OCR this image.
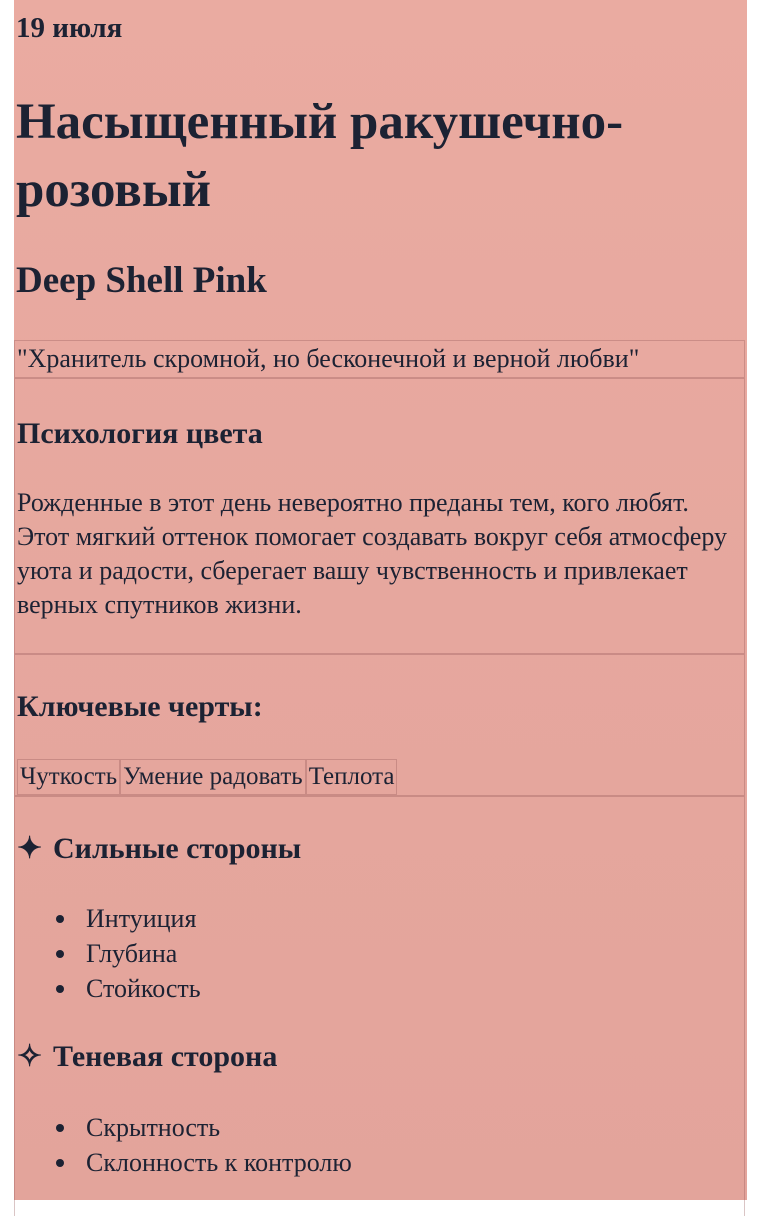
19 июля
Насыщенный ракушечно-розовый
Deep Shell Pink
"Хранитель скромной, но бесконечной и верной любви"
Психология цвета

Рожденные в этот день невероятно преданы тем, кого любят. Этот мягкий оттенок помогает создавать вокруг себя атмосферу уюта и радости, сберегает вашу чувственность и привлекает верных спутников жизни.

Ключевые черты:
Чуткость Умение радовать Теплота
✦ Сильные стороны
Интуиция
Глубина
Стойкость
✧ Теневая сторона
Скрытность
Склонность к контролю
